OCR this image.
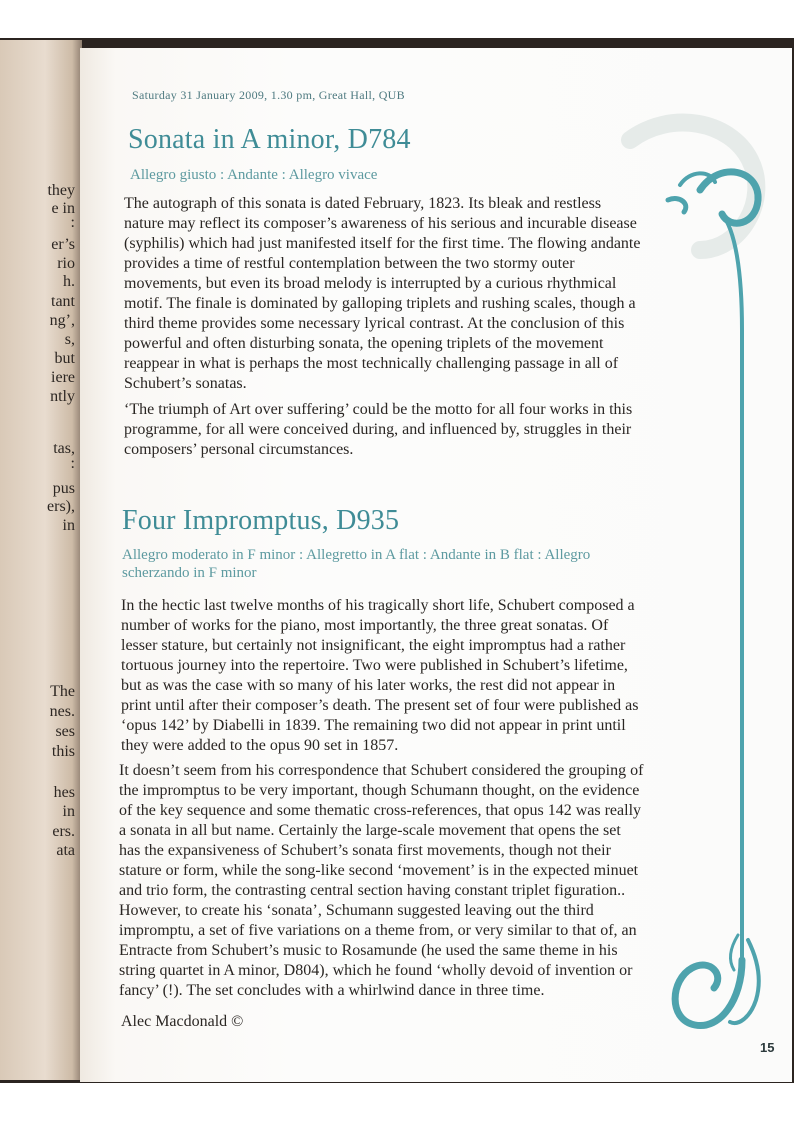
they
e in
:
er’s
rio
h.
tant
ng’,
s,
but
iere
ntly
tas,
:
pus
ers),
in
The
nes.
ses
this
hes
in
ers.
ata
Saturday 31 January 2009, 1.30 pm, Great Hall, QUB
Sonata in A minor, D784
Allegro giusto : Andante : Allegro vivace

The autograph of this sonata is dated February, 1823. Its bleak and restless nature may reflect its composer’s awareness of his serious and incurable disease (syphilis) which had just manifested itself for the first time. The flowing andante provides a time of restful contemplation between the two stormy outer movements, but even its broad melody is interrupted by a curious rhythmical motif. The finale is dominated by galloping triplets and rushing scales, though a third theme provides some necessary lyrical contrast. At the conclusion of this powerful and often disturbing sonata, the opening triplets of the movement reappear in what is perhaps the most technically challenging passage in all of Schubert’s sonatas.

‘The triumph of Art over suffering’ could be the motto for all four works in this programme, for all were conceived during, and influenced by, struggles in their composers’ personal circumstances.

Four Impromptus, D935
Allegro moderato in F minor : Allegretto in A flat : Andante in B flat : Allegro scherzando in F minor

In the hectic last twelve months of his tragically short life, Schubert composed a number of works for the piano, most importantly, the three great sonatas. Of lesser stature, but certainly not insignificant, the eight impromptus had a rather tortuous journey into the repertoire. Two were published in Schubert’s lifetime, but as was the case with so many of his later works, the rest did not appear in print until after their composer’s death. The present set of four were published as ‘opus 142’ by Diabelli in 1839. The remaining two did not appear in print until they were added to the opus 90 set in 1857.

It doesn’t seem from his correspondence that Schubert considered the grouping of the impromptus to be very important, though Schumann thought, on the evidence of the key sequence and some thematic cross-references, that opus 142 was really a sonata in all but name. Certainly the large-scale movement that opens the set has the expansiveness of Schubert’s sonata first movements, though not their stature or form, while the song-like second ‘movement’ is in the expected minuet and trio form, the contrasting central section having constant triplet figuration.. However, to create his ‘sonata’, Schumann suggested leaving out the third impromptu, a set of five variations on a theme from, or very similar to that of, an Entracte from Schubert’s music to Rosamunde (he used the same theme in his string quartet in A minor, D804), which he found ‘wholly devoid of invention or fancy’ (!). The set concludes with a whirlwind dance in three time.

Alec Macdonald ©
15
